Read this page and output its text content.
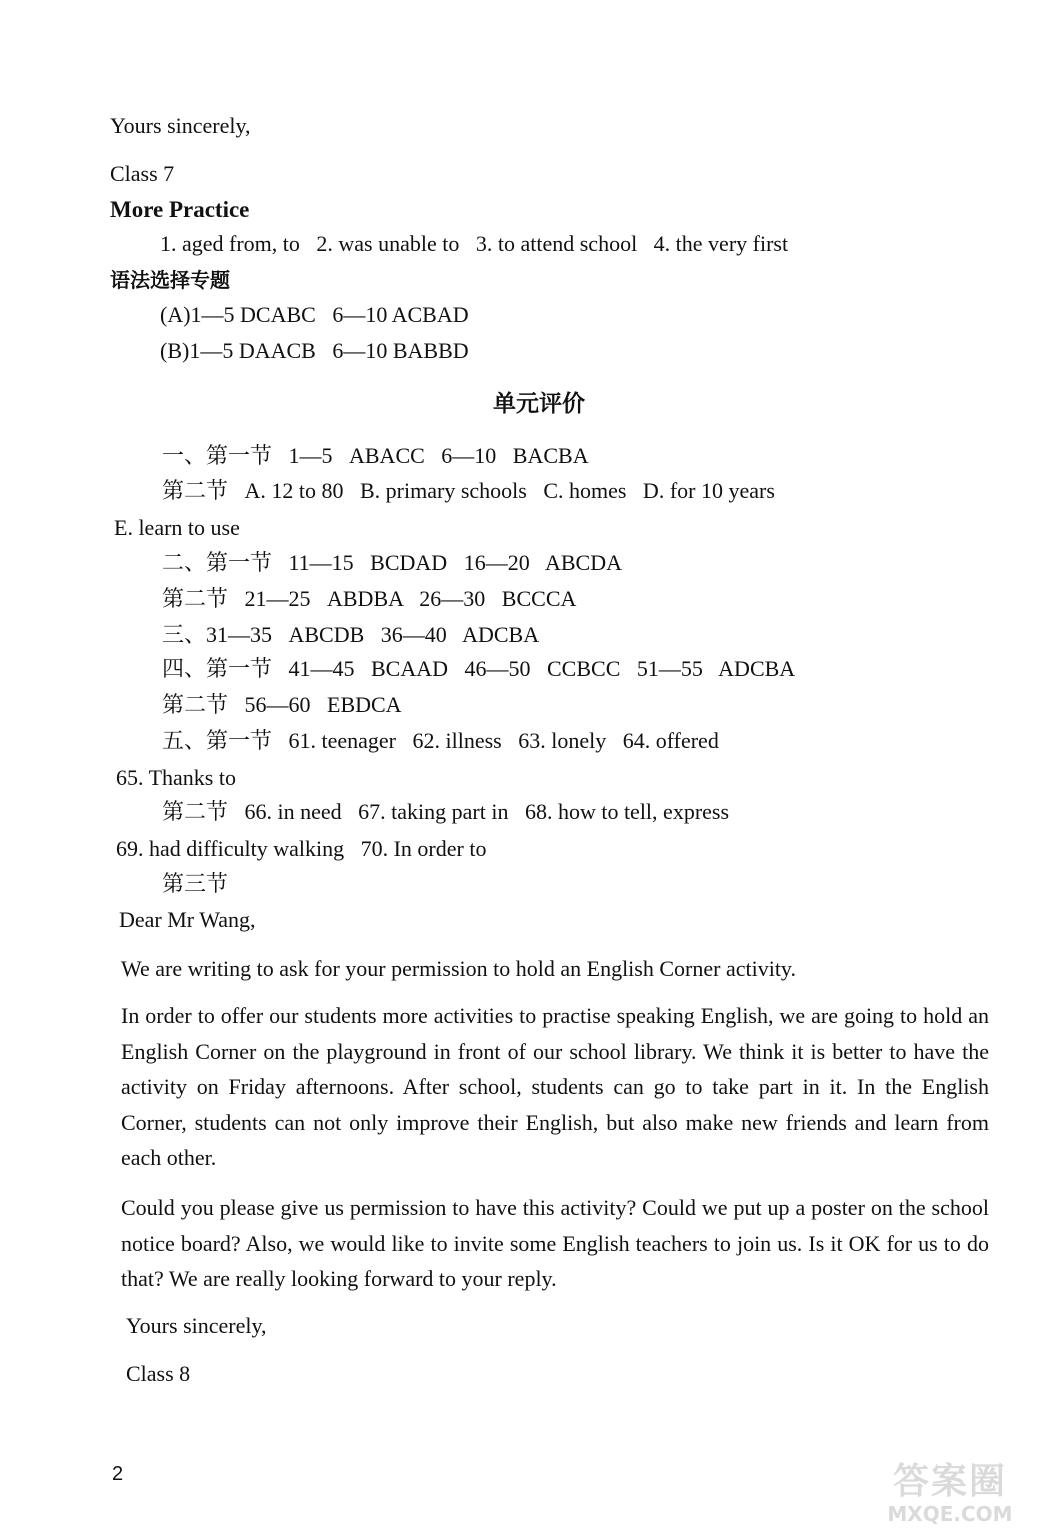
Yours sincerely,
Class 7
More Practice
1. aged from, to   2. was unable to   3. to attend school   4. the very first
语法选择专题
(A)1—5 DCABC   6—10 ACBAD
(B)1—5 DAACB   6—10 BABBD
单元评价
一、第一节   1—5   ABACC   6—10   BACBA
第二节   A. 12 to 80   B. primary schools   C. homes   D. for 10 years
E. learn to use
二、第一节   11—15   BCDAD   16—20   ABCDA
第二节   21—25   ABDBA   26—30   BCCCA
三、31—35   ABCDB   36—40   ADCBA
四、第一节   41—45   BCAAD   46—50   CCBCC   51—55   ADCBA
第二节   56—60   EBDCA
五、第一节   61. teenager   62. illness   63. lonely   64. offered
65. Thanks to
第二节   66. in need   67. taking part in   68. how to tell, express
69. had difficulty walking   70. In order to
第三节
Dear Mr Wang,
We are writing to ask for your permission to hold an English Corner activity.
In order to offer our students more activities to practise speaking English, we are going to hold an English Corner on the playground in front of our school library. We think it is better to have the activity on Friday afternoons. After school, students can go to take part in it. In the English Corner, students can not only improve their English, but also make new friends and learn from each other.
Could you please give us permission to have this activity? Could we put up a poster on the school notice board? Also, we would like to invite some English teachers to join us. Is it OK for us to do that? We are really looking forward to your reply.
Yours sincerely,
Class 8
2	答案圈
MXQE.COM
